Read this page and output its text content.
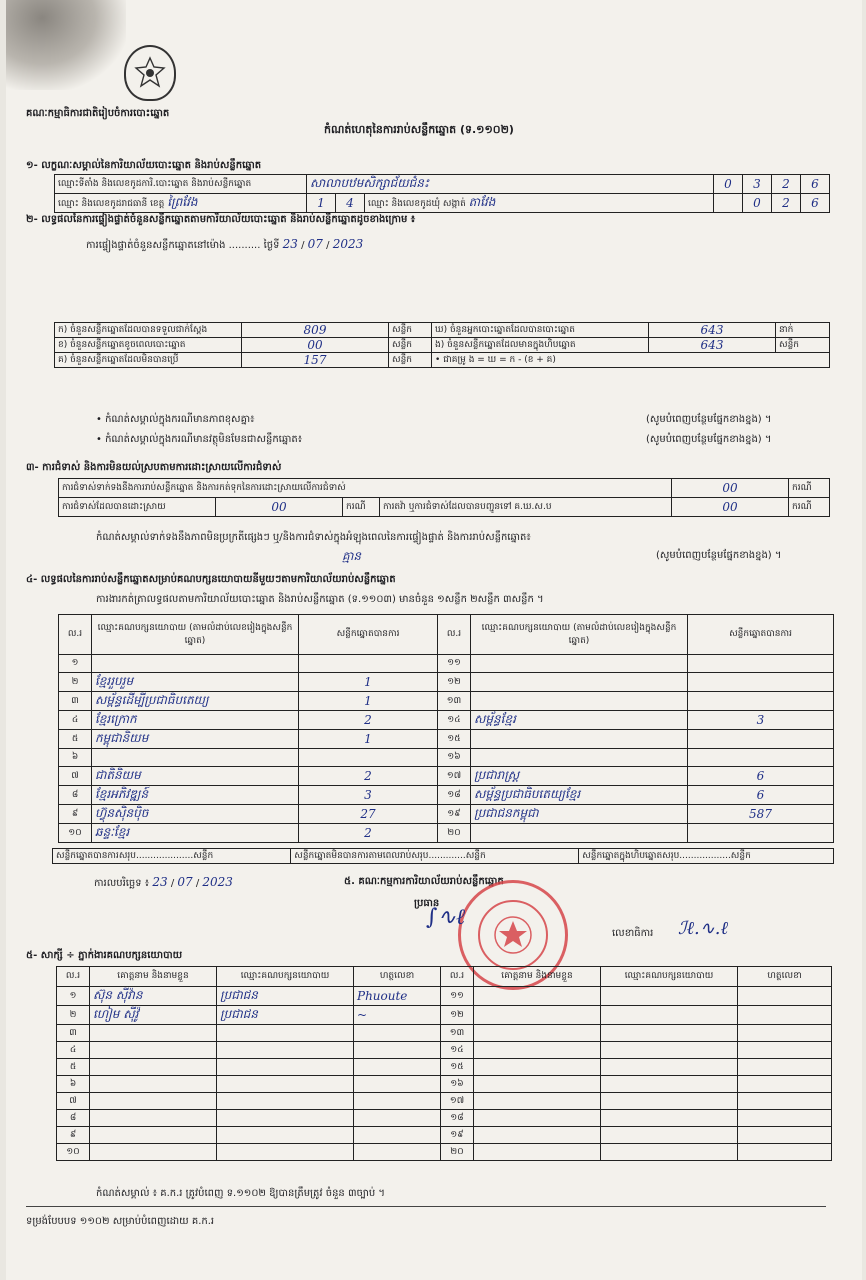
គណៈកម្មាធិការជាតិរៀបចំការបោះឆ្នោត
កំណត់ហេតុនៃការរាប់សន្លឹកឆ្នោត (ទ.១១០២)
១- លក្ខណៈសម្គាល់នៃការិយាល័យបោះឆ្នោត និងរាប់សន្លឹកឆ្នោត
ឈ្មោះទីតាំង និងលេខកូដការិ.បោះឆ្នោត និងរាប់សន្លឹកឆ្នោត	សាលាបឋមសិក្សាជ័យជំនះ			0	3	2	6
ឈ្មោះ និងលេខកូដរាជធានី ខេត្ត ព្រៃវែង	1	4	ឈ្មោះ និងលេខកូដឃុំ សង្កាត់ តាវែង		0	2	6
២- លទ្ធផលនៃការផ្ទៀងផ្ទាត់ចំនួនសន្លឹកឆ្នោតតាមការិយាល័យបោះឆ្នោត និងរាប់សន្លឹកឆ្នោតដូចខាងក្រោម ៖
ការផ្ទៀងផ្ទាត់ចំនួនសន្លឹកឆ្នោតនៅម៉ោង .......... ថ្ងៃទី 23 / 07 / 2023
ក) ចំនួនសន្លឹកឆ្នោតដែលបានទទួលជាក់ស្តែង	809	សន្លឹក	ឃ) ចំនួនអ្នកបោះឆ្នោតដែលបានបោះឆ្នោត	643	នាក់
ខ) ចំនួនសន្លឹកឆ្នោតខូចពេលបោះឆ្នោត	00	សន្លឹក	ង) ចំនួនសន្លឹកឆ្នោតដែលមានក្នុងហិបឆ្នោត	643	សន្លឹក
គ) ចំនួនសន្លឹកឆ្នោតដែលមិនបានប្រើ	157	សន្លឹក	• ជាគម្រូ ង = ឃ = ក - (ខ + គ)		
• កំណត់សម្គាល់ក្នុងករណីមានភាពខុសគ្នា៖	(សូមបំពេញបន្ថែមផ្នែកខាងខ្នង) ។
• កំណត់សម្គាល់ក្នុងករណីមានវត្ថុមិនមែនជាសន្លឹកឆ្នោត៖	(សូមបំពេញបន្ថែមផ្នែកខាងខ្នង) ។
៣- ការជំទាស់ និងការមិនយល់ស្របតាមការដោះស្រាយលើការជំទាស់
ការជំទាស់ទាក់ទងនឹងការរាប់សន្លឹកឆ្នោត និងការកត់ទុកនៃការដោះស្រាយលើការជំទាស់				00	ករណី
ការជំទាស់ដែលបានដោះស្រាយ	00	ករណី	ការតវ៉ា ឬការជំទាស់ដែលបានបញ្ជូនទៅ គ.ឃ.ស.ប	00	ករណី
កំណត់សម្គាល់ទាក់ទងនឹងភាពមិនប្រក្រតីផ្សេងៗ ឬ/និងការជំទាស់ក្នុងអំឡុងពេលនៃការផ្ទៀងផ្ទាត់ និងការរាប់សន្លឹកឆ្នោត៖
គ្មាន	(សូមបំពេញបន្ថែមផ្នែកខាងខ្នង) ។
៤- លទ្ធផលនៃការរាប់សន្លឹកឆ្នោតសម្រាប់គណបក្សនយោបាយនីមួយៗតាមការិយាល័យរាប់សន្លឹកឆ្នោត
ការងារកត់ត្រាលទ្ធផលតាមការិយាល័យបោះឆ្នោត និងរាប់សន្លឹកឆ្នោត (ទ.១១០៣) មានចំនួន ១សន្លឹក ២សន្លឹក ៣សន្លឹក ។
ល.រ	ឈ្មោះគណបក្សនយោបាយ (តាមលំដាប់លេខរៀងក្នុងសន្លឹកឆ្នោត)	សន្លឹកឆ្នោតបានការ	ល.រ	ឈ្មោះគណបក្សនយោបាយ (តាមលំដាប់លេខរៀងក្នុងសន្លឹកឆ្នោត)	សន្លឹកឆ្នោតបានការ
១			១១		
២	ខ្មែររួបរួម	1	១២		
៣	សម្ព័ន្ធដើម្បីប្រជាធិបតេយ្យ	1	១៣		
៤	ខ្មែរក្រោក	2	១៤	សម្ព័ន្ធខ្មែរ	3
៥	កម្ពុជានិយម	1	១៥		
៦			១៦		
៧	ជាតិនិយម	2	១៧	ប្រជារាស្ត្រ	6
៨	ខ្មែរអភិវឌ្ឍន៍	3	១៨	សម្ព័ន្ធប្រជាធិបតេយ្យខ្មែរ	6
៩	ហ៊្វុនស៊ិនប៉ិច	27	១៩	ប្រជាជនកម្ពុជា	587
១០	ឆន្ទៈខ្មែរ	2	២០		
សន្លឹកឆ្នោតបានការសរុប....................សន្លឹក	សន្លឹកឆ្នោតមិនបានការតាមពេលរាប់សរុប.............សន្លឹក	សន្លឹកឆ្នោតក្នុងហិបឆ្នោតសរុប..................សន្លឹក
ការលបរិច្ឆេទ ៖ 23 / 07 / 2023	៥. គណៈកម្មការការិយាល័យរាប់សន្លឹកឆ្នោត
ប្រធាន
∫∿ℓ
លេខាធិការ ℐℓ.∿.ℓ
៥- សាក្សី ÷ ភ្នាក់ងារគណបក្សនយោបាយ
ល.រ	គោត្តនាម និងនាមខ្លួន	ឈ្មោះគណបក្សនយោបាយ	ហត្ថលេខា	ល.រ	គោត្តនាម និងនាមខ្លួន	ឈ្មោះគណបក្សនយោបាយ	ហត្ថលេខា
១	ស៊ុន ស៊ីវ៉ាន	ប្រជាជន	Phuoute	១១			
២	ហៀម ស៊ីវ៉ូ	ប្រជាជន	~	១២			
៣				១៣			
៤				១៤			
៥				១៥			
៦				១៦			
៧				១៧			
៨				១៨			
៩				១៩			
១០				២០			
កំណត់សម្គាល់ ៖ គ.ក.រ ត្រូវបំពេញ ទ.១១០២ ឱ្យបានត្រឹមត្រូវ ចំនួន ៣ច្បាប់ ។
ទម្រង់បែបបទ ១១០២ សម្រាប់បំពេញដោយ គ.ក.រ
